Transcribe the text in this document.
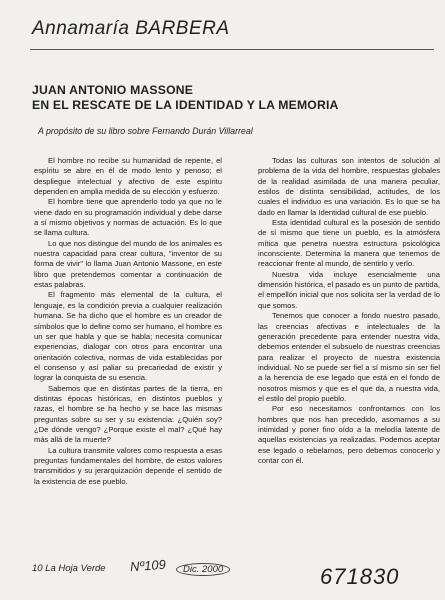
Annamaría BARBERA
JUAN ANTONIO MASSONE
EN EL RESCATE DE LA IDENTIDAD Y LA MEMORIA
A propósito de su libro sobre Fernando Durán Villarreal

El hombre no recibe su humanidad de repente, el espíritu se abre en él de modo lento y penoso; el despliegue intelectual y afectivo de este espíritu dependen en amplia medida de su elección y esfuerzo.

El hombre tiene que aprenderlo todo ya que no le viene dado en su programación individual y debe darse a sí mismo objetivos y normas de actuación. Es lo que se llama cultura.

Lo que nos distingue del mundo de los animales es nuestra capacidad para crear cultura, "inventor de su forma de vivir" lo llama Juan Antonio Massone, en este libro que pretendemos comentar a continuación de estas palabras.

El fragmento más elemental de la cultura, el lenguaje, es la condición previa a cualquier realización humana. Se ha dicho que el hombre es un creador de símbolos que lo define como ser humano, el hombre es un ser que habla y que se habla; necesita comunicar experiencias, dialogar con otros para encontrar una orientación colectiva, normas de vida establecidas por el consenso y así paliar su precariedad de existir y lograr la conquista de su esencia.

Sabemos que en distintas partes de la tierra, en distintas épocas históricas, en distintos pueblos y razas, el hombre se ha hecho y se hace las mismas preguntas sobre su ser y su existencia: ¿Quién soy? ¿De dónde vengo? ¿Porque existe el mal? ¿Qué hay más allá de la muerte?

La cultura transmite valores como respuesta a esas preguntas fundamentales del hombre, de estos valores transmitidos y su jerarquización depende el sentido de la existencia de ese pueblo.

Todas las culturas son intentos de solución al problema de la vida del hombre, respuestas globales de la realidad asimilada de una manera peculiar, estilos de distinta sensibilidad, actitudes, de los cuales el individuo es una variación. Es lo que se ha dado en llamar la Identidad cultural de ese pueblo.

Esta identidad cultural es la posesión de sentido de sí mismo que tiene un pueblo, es la atmósfera mítica que penetra nuestra estructura psicológica inconsciente. Determina la manera que tenemos de reaccionar frente al mundo, de sentirlo y verlo.

Nuestra vida incluye esencialmente una dimensión histórica, el pasado es un punto de partida, el empellón inicial que nos solicita ser la verdad de lo que somos.

Tenemos que conocer a fondo nuestro pasado, las creencias afectivas e intelectuales de la generación precedente para entender nuestra vida, debemos entender el subsuelo de nuestras creencias para realizar el proyecto de nuestra existencia individual. No se puede ser fiel a sí mismo sin ser fiel a la herencia de ese legado que está en el fondo de nosotros mismos y que es el que da, a nuestra vida, el estilo del propio pueblo.

Por eso necesitamos confrontarnos con los hombres que nos han precedido, asomarnos a su intimidad y poner fino oído a la melodía latente de aquellas existencias ya realizadas. Podemos aceptar ese legado o rebelarnos, pero debemos conocerlo y contar con él.

10 La Hoja Verde Nº109	Dic. 2000	671830
